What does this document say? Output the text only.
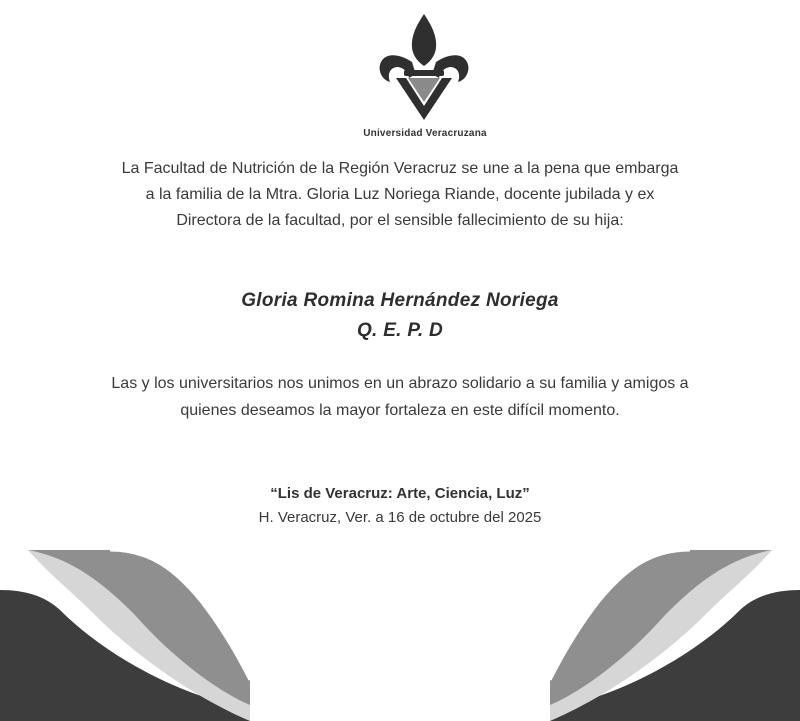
Universidad Veracruzana

La Facultad de Nutrición de la Región Veracruz se une a la pena que embarga

a la familia de la Mtra. Gloria Luz Noriega Riande, docente jubilada y ex

Directora de la facultad, por el sensible fallecimiento de su hija:

Gloria Romina Hernández Noriega

Q. E. P. D

Las y los universitarios nos unimos en un abrazo solidario a su familia y amigos a

quienes deseamos la mayor fortaleza en este difícil momento.

“Lis de Veracruz: Arte, Ciencia, Luz”
H. Veracruz, Ver. a 16 de octubre del 2025
